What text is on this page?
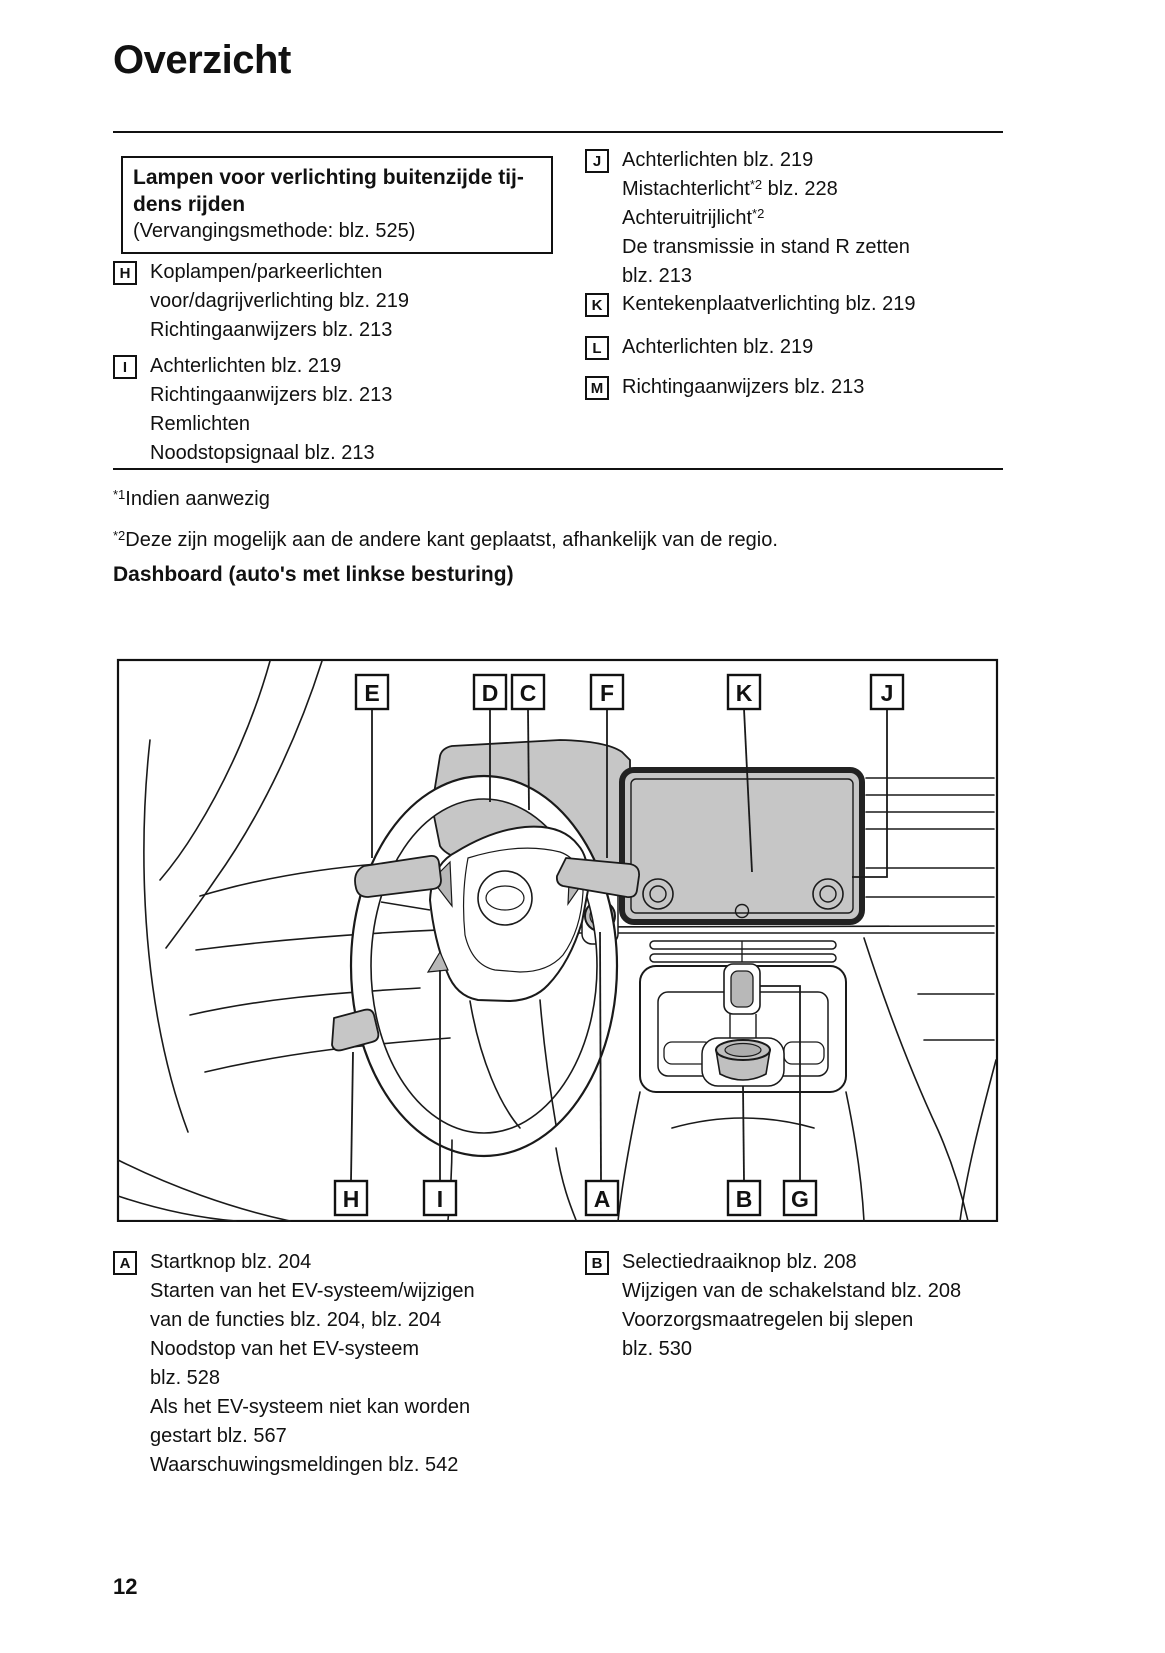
Overzicht
Lampen voor verlichting buitenzijde tij-
dens rijden
(Vervangingsmethode: blz. 525)
H Koplampen/parkeerlichten
voor/dagrijverlichting blz. 219
Richtingaanwijzers blz. 213
I	Achterlichten blz. 219
Richtingaanwijzers blz. 213
Remlichten
Noodstopsignaal blz. 213
J	Achterlichten blz. 219
Mistachterlicht$^{*2}$ blz. 228
Achteruitrijlicht$^{*2}$
De transmissie in stand R zetten
blz. 213
K Kentekenplaatverlichting blz. 219
L	Achterlichten blz. 219
M Richtingaanwijzers blz. 213
$^{*1}$Indien aanwezig
$^{*2}$Deze zijn mogelijk aan de andere kant geplaatst, afhankelijk van de regio.
Dashboard (auto's met linkse besturing)
E	D C	F	K	J
H	I	A	B G
A Startknop blz. 204
Starten van het EV-systeem/wijzigen
van de functies blz. 204, blz. 204
Noodstop van het EV-systeem
blz. 528
Als het EV-systeem niet kan worden
gestart blz. 567
Waarschuwingsmeldingen blz. 542
B Selectiedraaiknop blz. 208
Wijzigen van de schakelstand blz. 208
Voorzorgsmaatregelen bij slepen
blz. 530
12
